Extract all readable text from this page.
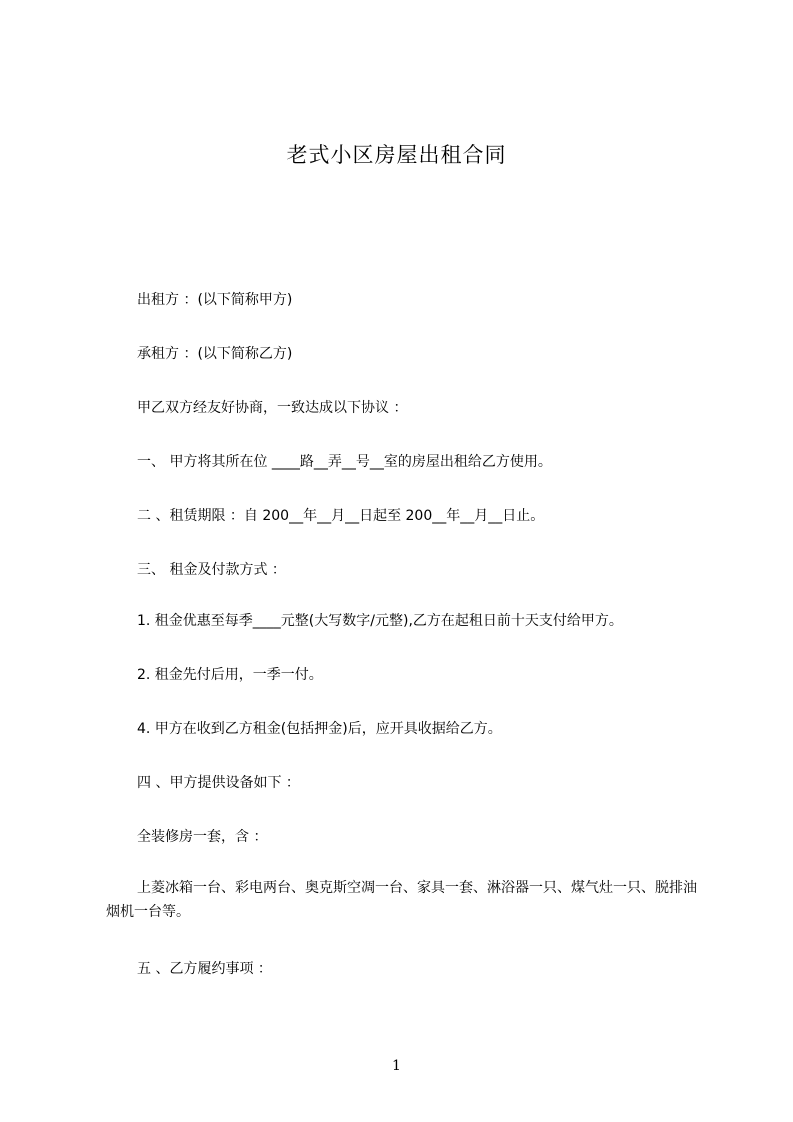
老式小区房屋出租合同
出租方 ：(以下简称甲方)
承租方 ：(以下简称乙方)
甲乙双方经友好协商，一致达成以下协议 ：
一、 甲方将其所在位 ____路__弄__号__室的房屋出租给乙方使用。
二 、租赁期限 ：自 200__年__月__日起至 200__年__月__日止。
三、 租金及付款方式 ：
1. 租金优惠至每季____元整(大写数字/元整),乙方在起租日前十天支付给甲方。
2. 租金先付后用，一季一付。
4. 甲方在收到乙方租金(包括押金)后，应开具收据给乙方。
四 、甲方提供设备如下 ：
全装修房一套，含 ：
上菱冰箱一台、彩电两台、奥克斯空凋一台、家具一套、淋浴器一只、煤气灶一只、脱排油烟机一台等。
五 、乙方履约事项 ：
1
